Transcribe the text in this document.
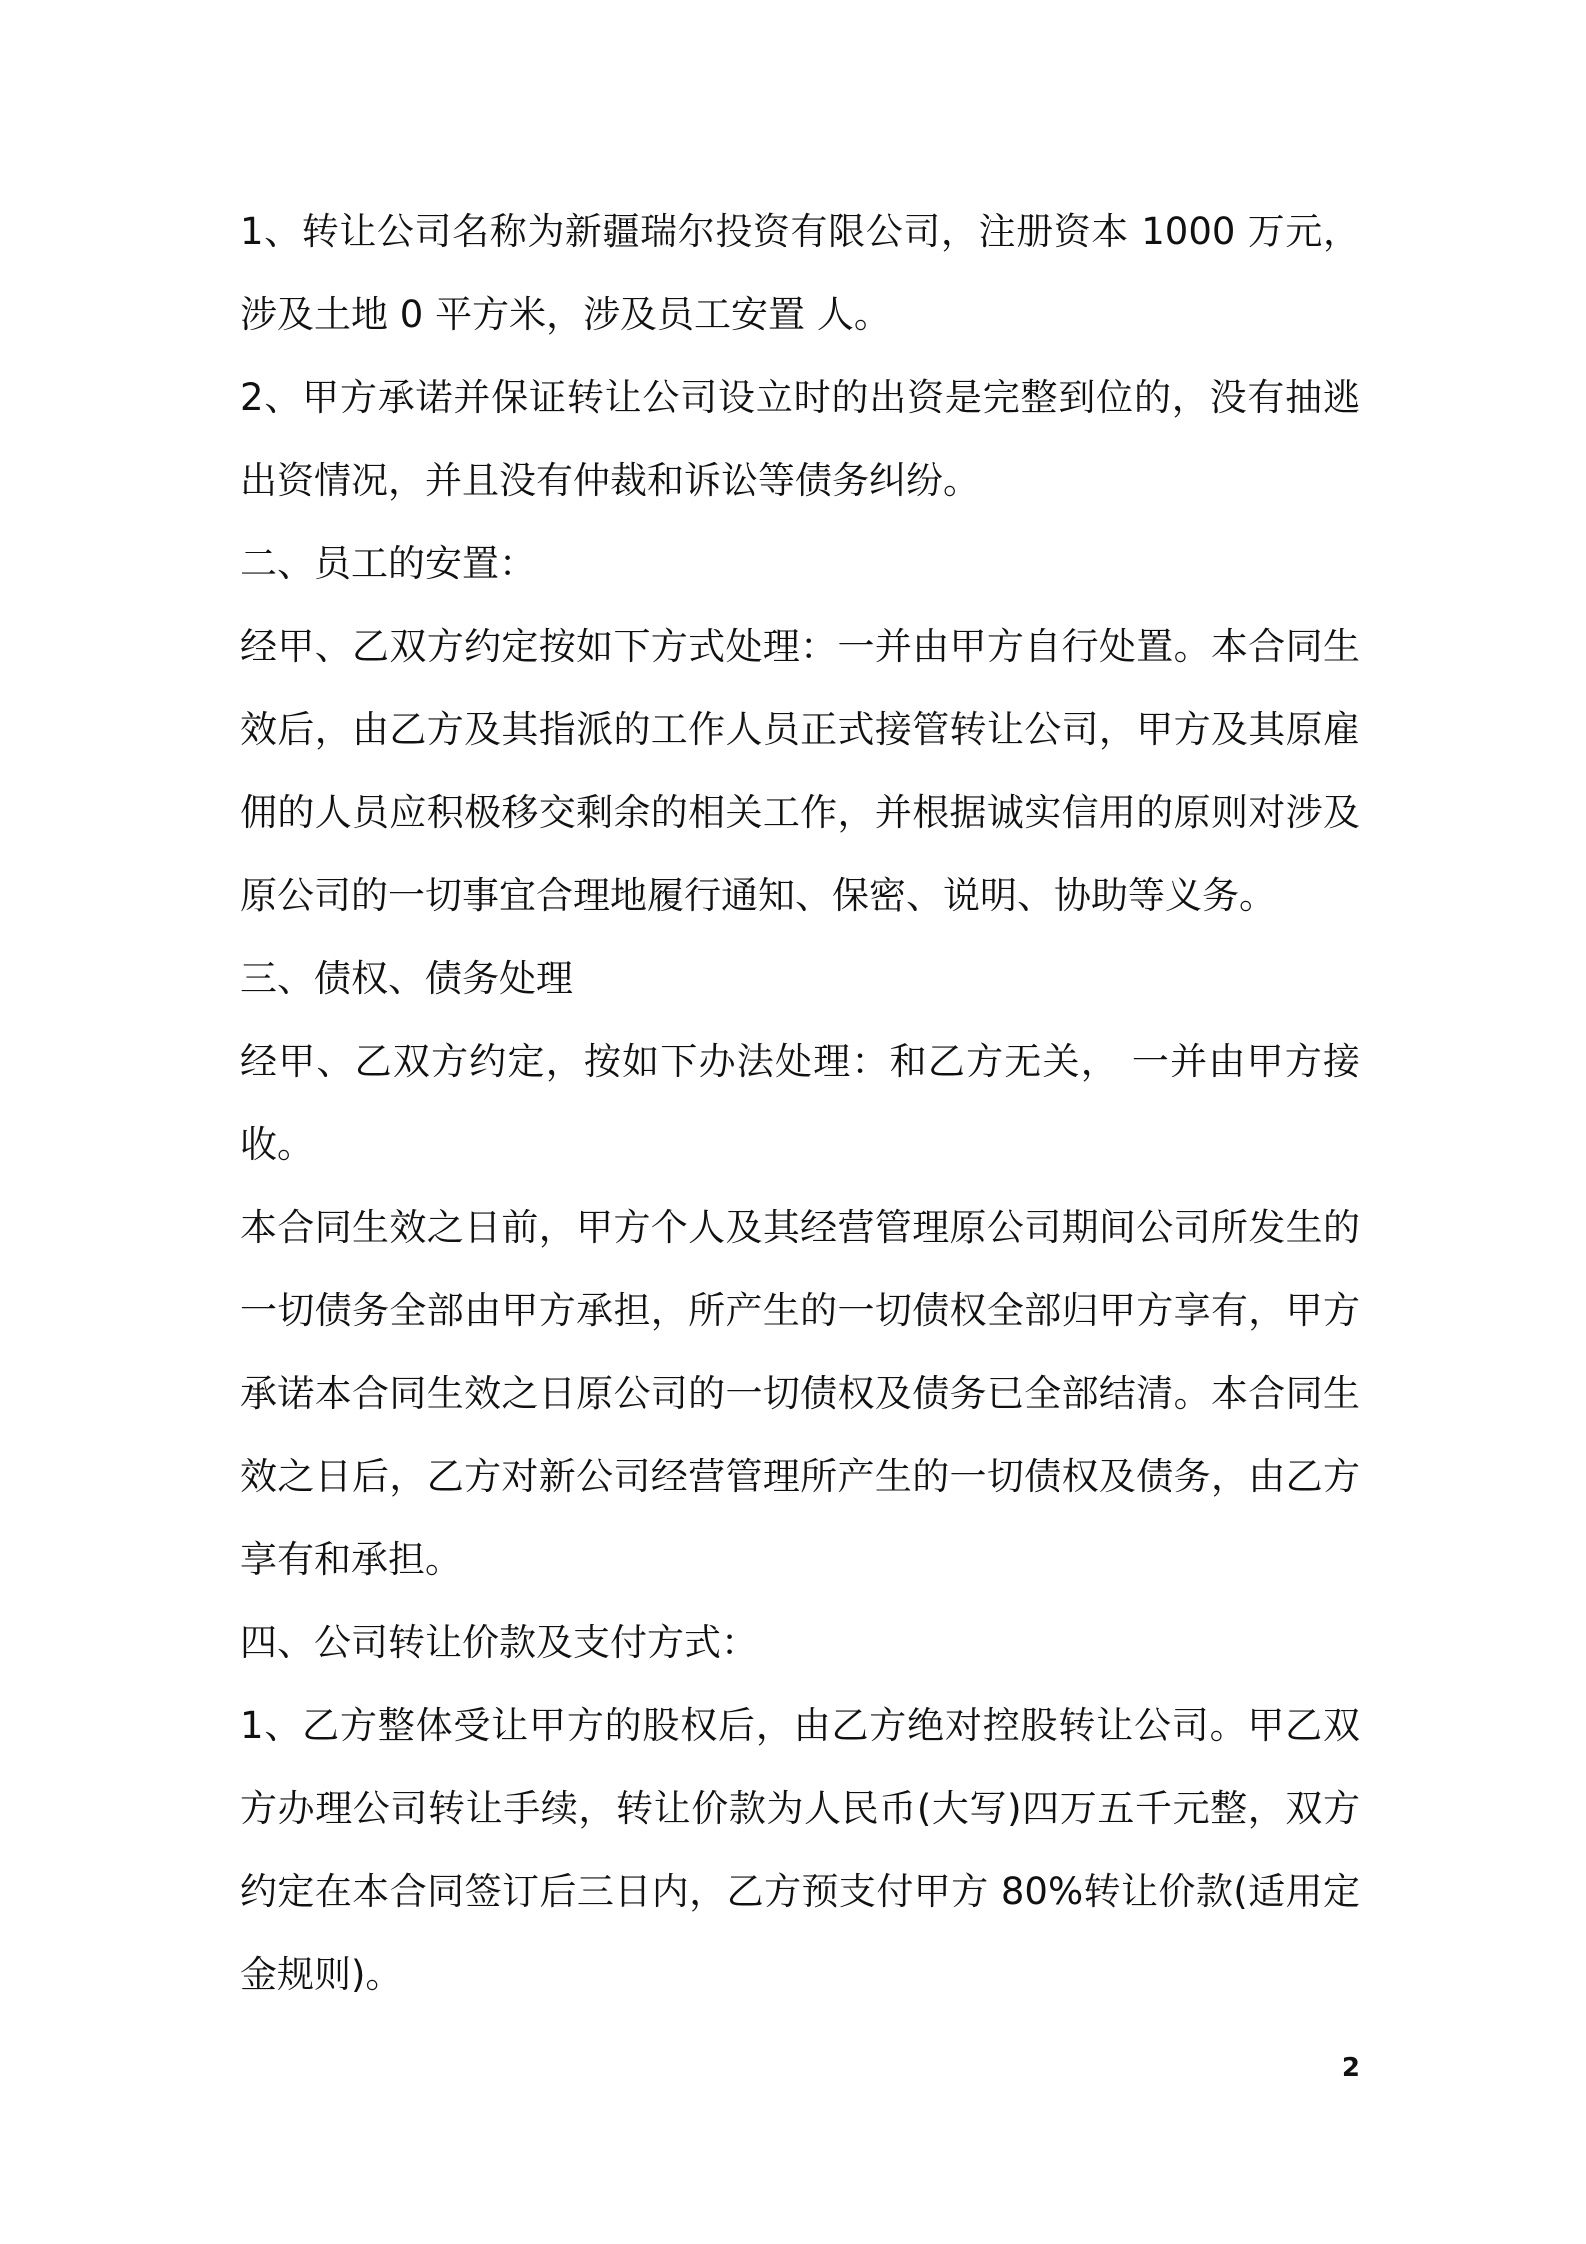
1、转让公司名称为新疆瑞尔投资有限公司，注册资本 1000 万元，涉及土地 0 平方米，涉及员工安置 人。

2、甲方承诺并保证转让公司设立时的出资是完整到位的，没有抽逃出资情况，并且没有仲裁和诉讼等债务纠纷。

二、员工的安置：

经甲、乙双方约定按如下方式处理：一并由甲方自行处置。本合同生效后，由乙方及其指派的工作人员正式接管转让公司，甲方及其原雇佣的人员应积极移交剩余的相关工作，并根据诚实信用的原则对涉及原公司的一切事宜合理地履行通知、保密、说明、协助等义务。

三、债权、债务处理

经甲、乙双方约定，按如下办法处理：和乙方无关， 一并由甲方接收。

本合同生效之日前，甲方个人及其经营管理原公司期间公司所发生的一切债务全部由甲方承担，所产生的一切债权全部归甲方享有，甲方承诺本合同生效之日原公司的一切债权及债务已全部结清。本合同生效之日后，乙方对新公司经营管理所产生的一切债权及债务，由乙方享有和承担。

四、公司转让价款及支付方式：

1、乙方整体受让甲方的股权后，由乙方绝对控股转让公司。甲乙双方办理公司转让手续，转让价款为人民币(大写)四万五千元整，双方约定在本合同签订后三日内，乙方预支付甲方 80%转让价款(适用定金规则)。

2
